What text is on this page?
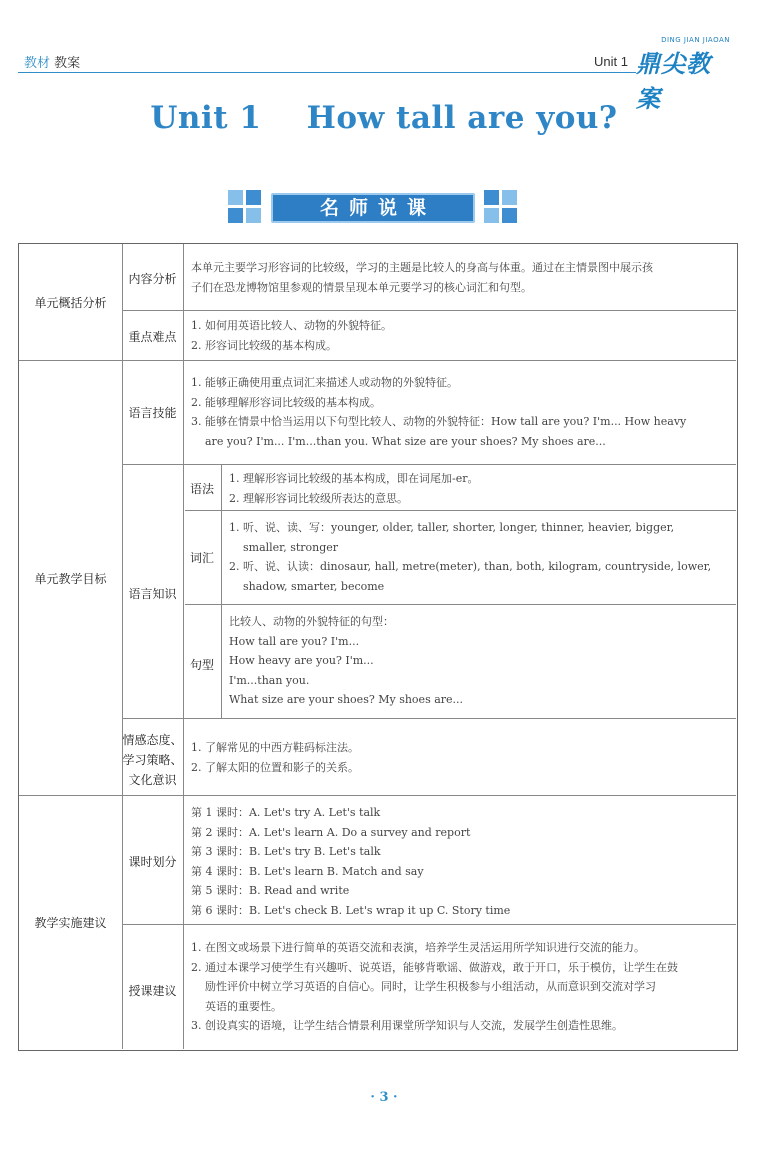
教材 教案	Unit 1
DING JIAN JIAOAN
鼎尖教案
Unit 1    How tall are you?
名师说课
单元概括分析
内容分析
本单元主要学习形容词的比较级，学习的主题是比较人的身高与体重。通过在主情景图中展示孩
子们在恐龙博物馆里参观的情景呈现本单元要学习的核心词汇和句型。
重点难点
1. 如何用英语比较人、动物的外貌特征。
2. 形容词比较级的基本构成。
单元教学目标
语言技能
1. 能够正确使用重点词汇来描述人或动物的外貌特征。
2. 能够理解形容词比较级的基本构成。
3. 能够在情景中恰当运用以下句型比较人、动物的外貌特征：How tall are you? I'm... How heavy
are you? I'm... I'm...than you. What size are your shoes? My shoes are...
语言知识
语法
1. 理解形容词比较级的基本构成，即在词尾加-er。
2. 理解形容词比较级所表达的意思。
词汇
1. 听、说、读、写：younger, older, taller, shorter, longer, thinner, heavier, bigger,
smaller, stronger
2. 听、说、认读：dinosaur, hall, metre(meter), than, both, kilogram, countryside, lower,
shadow, smarter, become
句型
比较人、动物的外貌特征的句型：
How tall are you? I'm...
How heavy are you? I'm...
I'm...than you.
What size are your shoes? My shoes are...
情感态度、
学习策略、
文化意识
1. 了解常见的中西方鞋码标注法。
2. 了解太阳的位置和影子的关系。
教学实施建议
课时划分
第 1 课时：A. Let's try A. Let's talk
第 2 课时：A. Let's learn A. Do a survey and report
第 3 课时：B. Let's try B. Let's talk
第 4 课时：B. Let's learn B. Match and say
第 5 课时：B. Read and write
第 6 课时：B. Let's check B. Let's wrap it up C. Story time
授课建议
1. 在图文或场景下进行简单的英语交流和表演，培养学生灵活运用所学知识进行交流的能力。
2. 通过本课学习使学生有兴趣听、说英语，能够背歌谣、做游戏，敢于开口，乐于模仿，让学生在鼓
励性评价中树立学习英语的自信心。同时，让学生积极参与小组活动，从而意识到交流对学习
英语的重要性。
3. 创设真实的语境，让学生结合情景利用课堂所学知识与人交流，发展学生创造性思维。
· 3 ·
